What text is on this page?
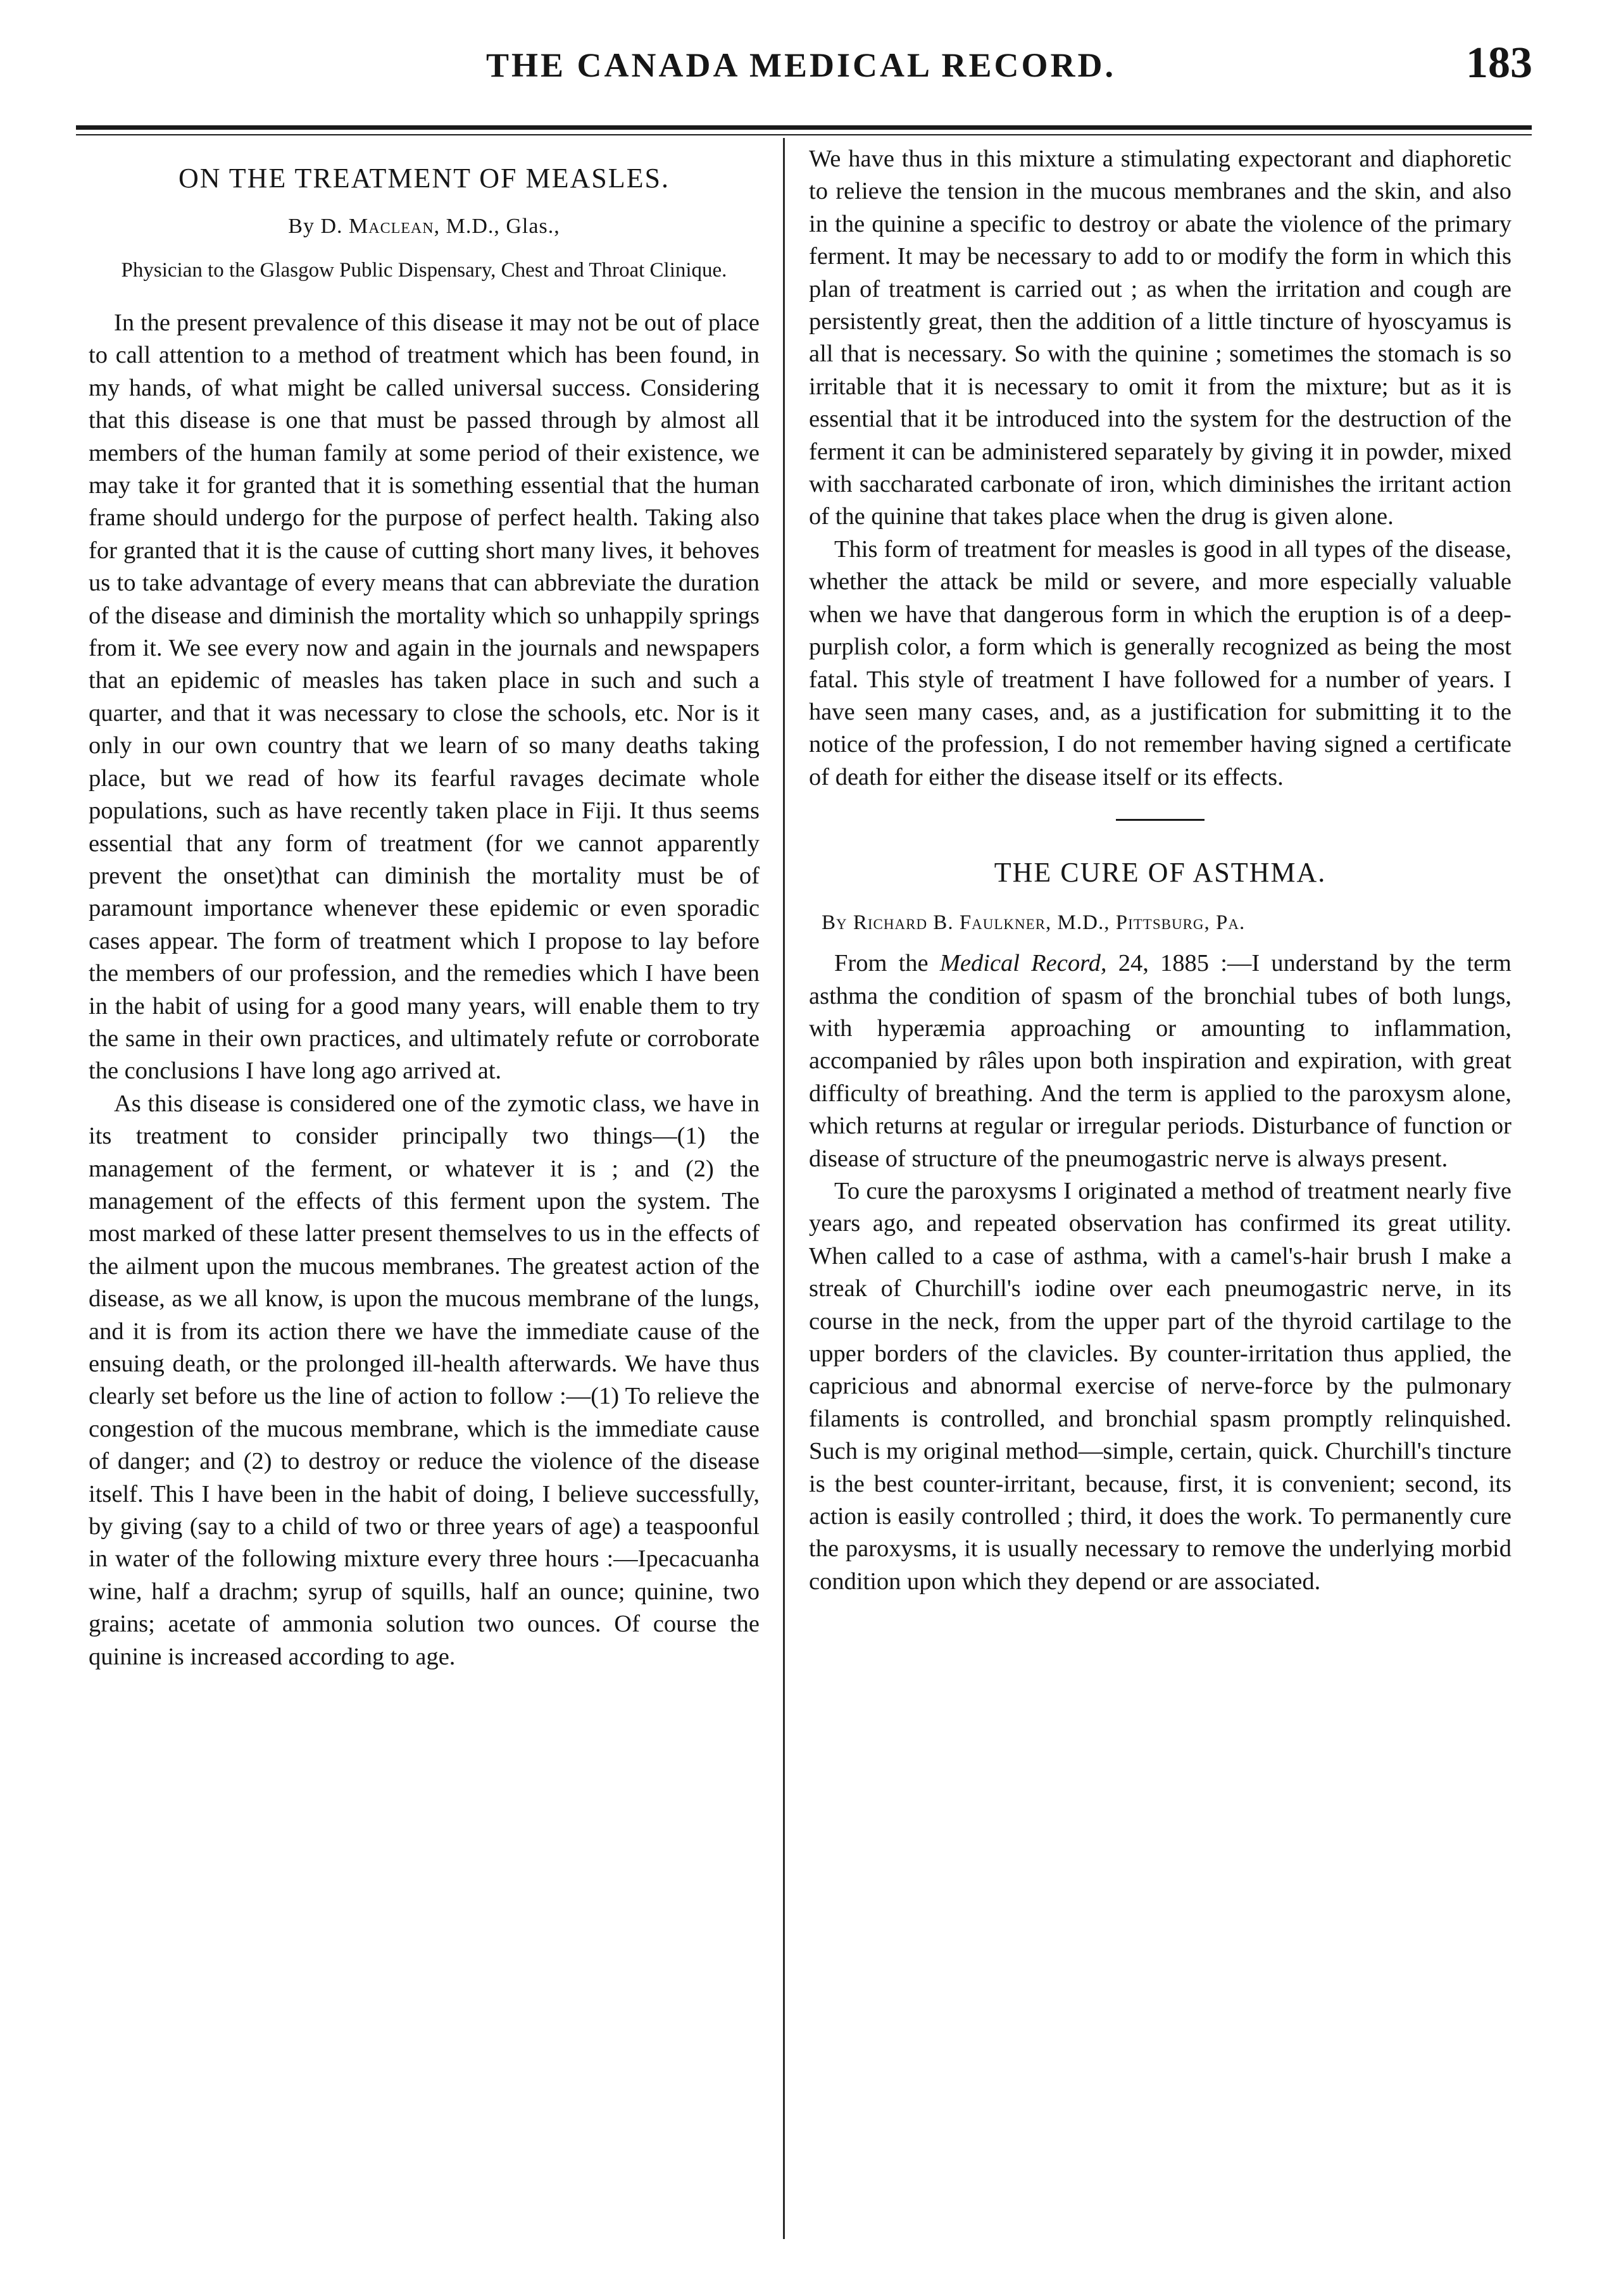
THE CANADA MEDICAL RECORD.	183
ON THE TREATMENT OF MEASLES.
By D. Maclean, M.D., Glas.,
Physician to the Glasgow Public Dispensary, Chest and Throat Clinique.

In the present prevalence of this disease it may not be out of place to call attention to a method of treatment which has been found, in my hands, of what might be called universal success. Considering that this disease is one that must be passed through by almost all members of the human family at some period of their existence, we may take it for granted that it is something essential that the human frame should undergo for the purpose of perfect health. Taking also for granted that it is the cause of cutting short many lives, it behoves us to take advantage of every means that can abbreviate the duration of the disease and diminish the mortality which so unhappily springs from it. We see every now and again in the journals and newspapers that an epidemic of measles has taken place in such and such a quarter, and that it was necessary to close the schools, etc. Nor is it only in our own country that we learn of so many deaths taking place, but we read of how its fearful ravages decimate whole populations, such as have recently taken place in Fiji. It thus seems essential that any form of treatment (for we cannot apparently prevent the onset)that can diminish the mortality must be of paramount importance whenever these epidemic or even sporadic cases appear. The form of treatment which I propose to lay before the members of our profession, and the remedies which I have been in the habit of using for a good many years, will enable them to try the same in their own practices, and ultimately refute or corroborate the conclusions I have long ago arrived at.

As this disease is considered one of the zymotic class, we have in its treatment to consider principally two things—(1) the management of the ferment, or whatever it is ; and (2) the management of the effects of this ferment upon the system. The most marked of these latter present themselves to us in the effects of the ailment upon the mucous membranes. The greatest action of the disease, as we all know, is upon the mucous membrane of the lungs, and it is from its action there we have the immediate cause of the ensuing death, or the prolonged ill-health afterwards. We have thus clearly set before us the line of action to follow :—(1) To relieve the congestion of the mucous membrane, which is the immediate cause of danger; and (2) to destroy or reduce the violence of the disease itself. This I have been in the habit of doing, I believe successfully, by giving (say to a child of two or three years of age) a teaspoonful in water of the following mixture every three hours :—Ipecacuanha wine, half a drachm; syrup of squills, half an ounce; quinine, two grains; acetate of ammonia solution two ounces. Of course the quinine is increased according to age.

We have thus in this mixture a stimulating expectorant and diaphoretic to relieve the tension in the mucous membranes and the skin, and also in the quinine a specific to destroy or abate the violence of the primary ferment. It may be necessary to add to or modify the form in which this plan of treatment is carried out ; as when the irritation and cough are persistently great, then the addition of a little tincture of hyoscyamus is all that is necessary. So with the quinine ; sometimes the stomach is so irritable that it is necessary to omit it from the mixture; but as it is essential that it be introduced into the system for the destruction of the ferment it can be administered separately by giving it in powder, mixed with saccharated carbonate of iron, which diminishes the irritant action of the quinine that takes place when the drug is given alone.

This form of treatment for measles is good in all types of the disease, whether the attack be mild or severe, and more especially valuable when we have that dangerous form in which the eruption is of a deep-purplish color, a form which is generally recognized as being the most fatal. This style of treatment I have followed for a number of years. I have seen many cases, and, as a justification for submitting it to the notice of the profession, I do not remember having signed a certificate of death for either the disease itself or its effects.

THE CURE OF ASTHMA.
By Richard B. Faulkner, M.D., Pittsburg, Pa.

From the Medical Record, 24, 1885 :—I understand by the term asthma the condition of spasm of the bronchial tubes of both lungs, with hyperæmia approaching or amounting to inflammation, accompanied by râles upon both inspiration and expiration, with great difficulty of breathing. And the term is applied to the paroxysm alone, which returns at regular or irregular periods. Disturbance of function or disease of structure of the pneumogastric nerve is always present.

To cure the paroxysms I originated a method of treatment nearly five years ago, and repeated observation has confirmed its great utility. When called to a case of asthma, with a camel's-hair brush I make a streak of Churchill's iodine over each pneumogastric nerve, in its course in the neck, from the upper part of the thyroid cartilage to the upper borders of the clavicles. By counter-irritation thus applied, the capricious and abnormal exercise of nerve-force by the pulmonary filaments is controlled, and bronchial spasm promptly relinquished. Such is my original method—simple, certain, quick. Churchill's tincture is the best counter-irritant, because, first, it is convenient; second, its action is easily controlled ; third, it does the work. To permanently cure the paroxysms, it is usually necessary to remove the underlying morbid condition upon which they depend or are associated.
